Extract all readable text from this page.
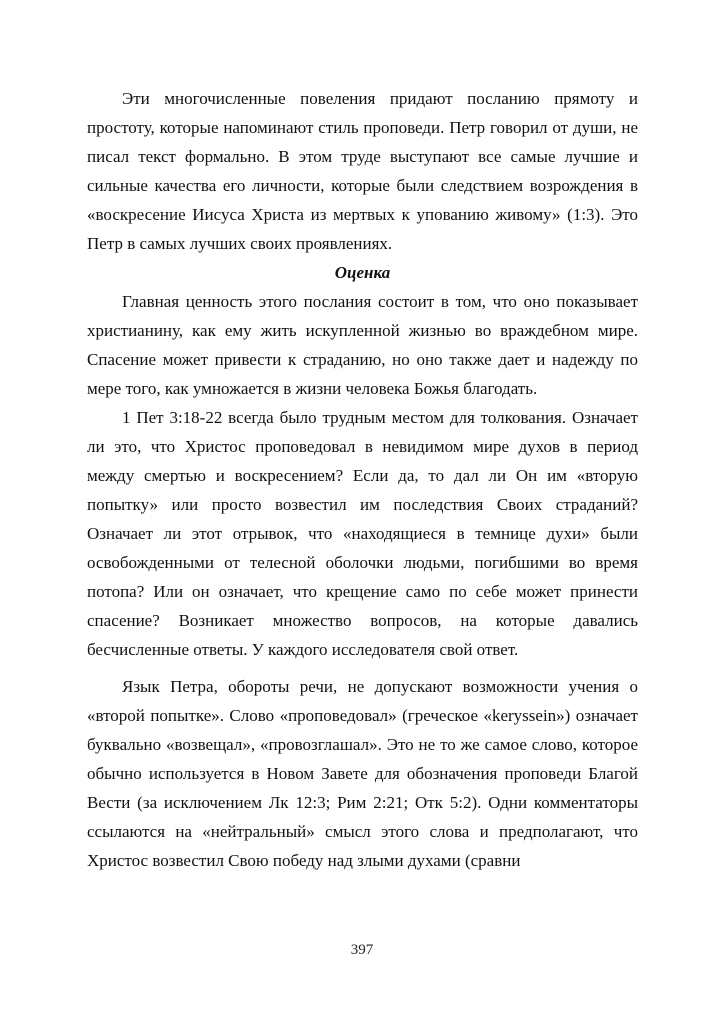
Эти многочисленные повеления придают посланию прямоту и
простоту, которые напоминают стиль проповеди. Петр говорил от души, не
писал текст формально. В этом труде выступают все самые лучшие и
сильные качества его личности, которые были следствием возрождения в
«воскресение Иисуса Христа из мертвых к упованию живому» (1:3). Это
Петр в самых лучших своих проявлениях.

Оценка

Главная ценность этого послания состоит в том, что оно показывает
христианину, как ему жить искупленной жизнью во враждебном мире.
Спасение может привести к страданию, но оно также дает и надежду по
мере того, как умножается в жизни человека Божья благодать.
1 Пет 3:18-22 всегда было трудным местом для толкования. Означает
ли это, что Христос проповедовал в невидимом мире духов в период
между смертью и воскресением? Если да, то дал ли Он им «вторую
попытку» или просто возвестил им последствия Своих страданий?
Означает ли этот отрывок, что «находящиеся в темнице духи» были
освобожденными от телесной оболочки людьми, погибшими во время
потопа? Или он означает, что крещение само по себе может принести
спасение? Возникает множество вопросов, на которые давались
бесчисленные ответы. У каждого исследователя свой ответ.
Язык Петра, обороты речи, не допускают возможности учения о
«второй попытке». Слово «проповедовал» (греческое «keryssein») означает
буквально «возвещал», «провозглашал». Это не то же самое слово, которое
обычно используется в Новом Завете для обозначения проповеди Благой
Вести (за исключением Лк 12:3; Рим 2:21; Отк 5:2). Одни комментаторы
ссылаются на «нейтральный» смысл этого слова и предполагают, что
Христос возвестил Свою победу над злыми духами (сравни
397
